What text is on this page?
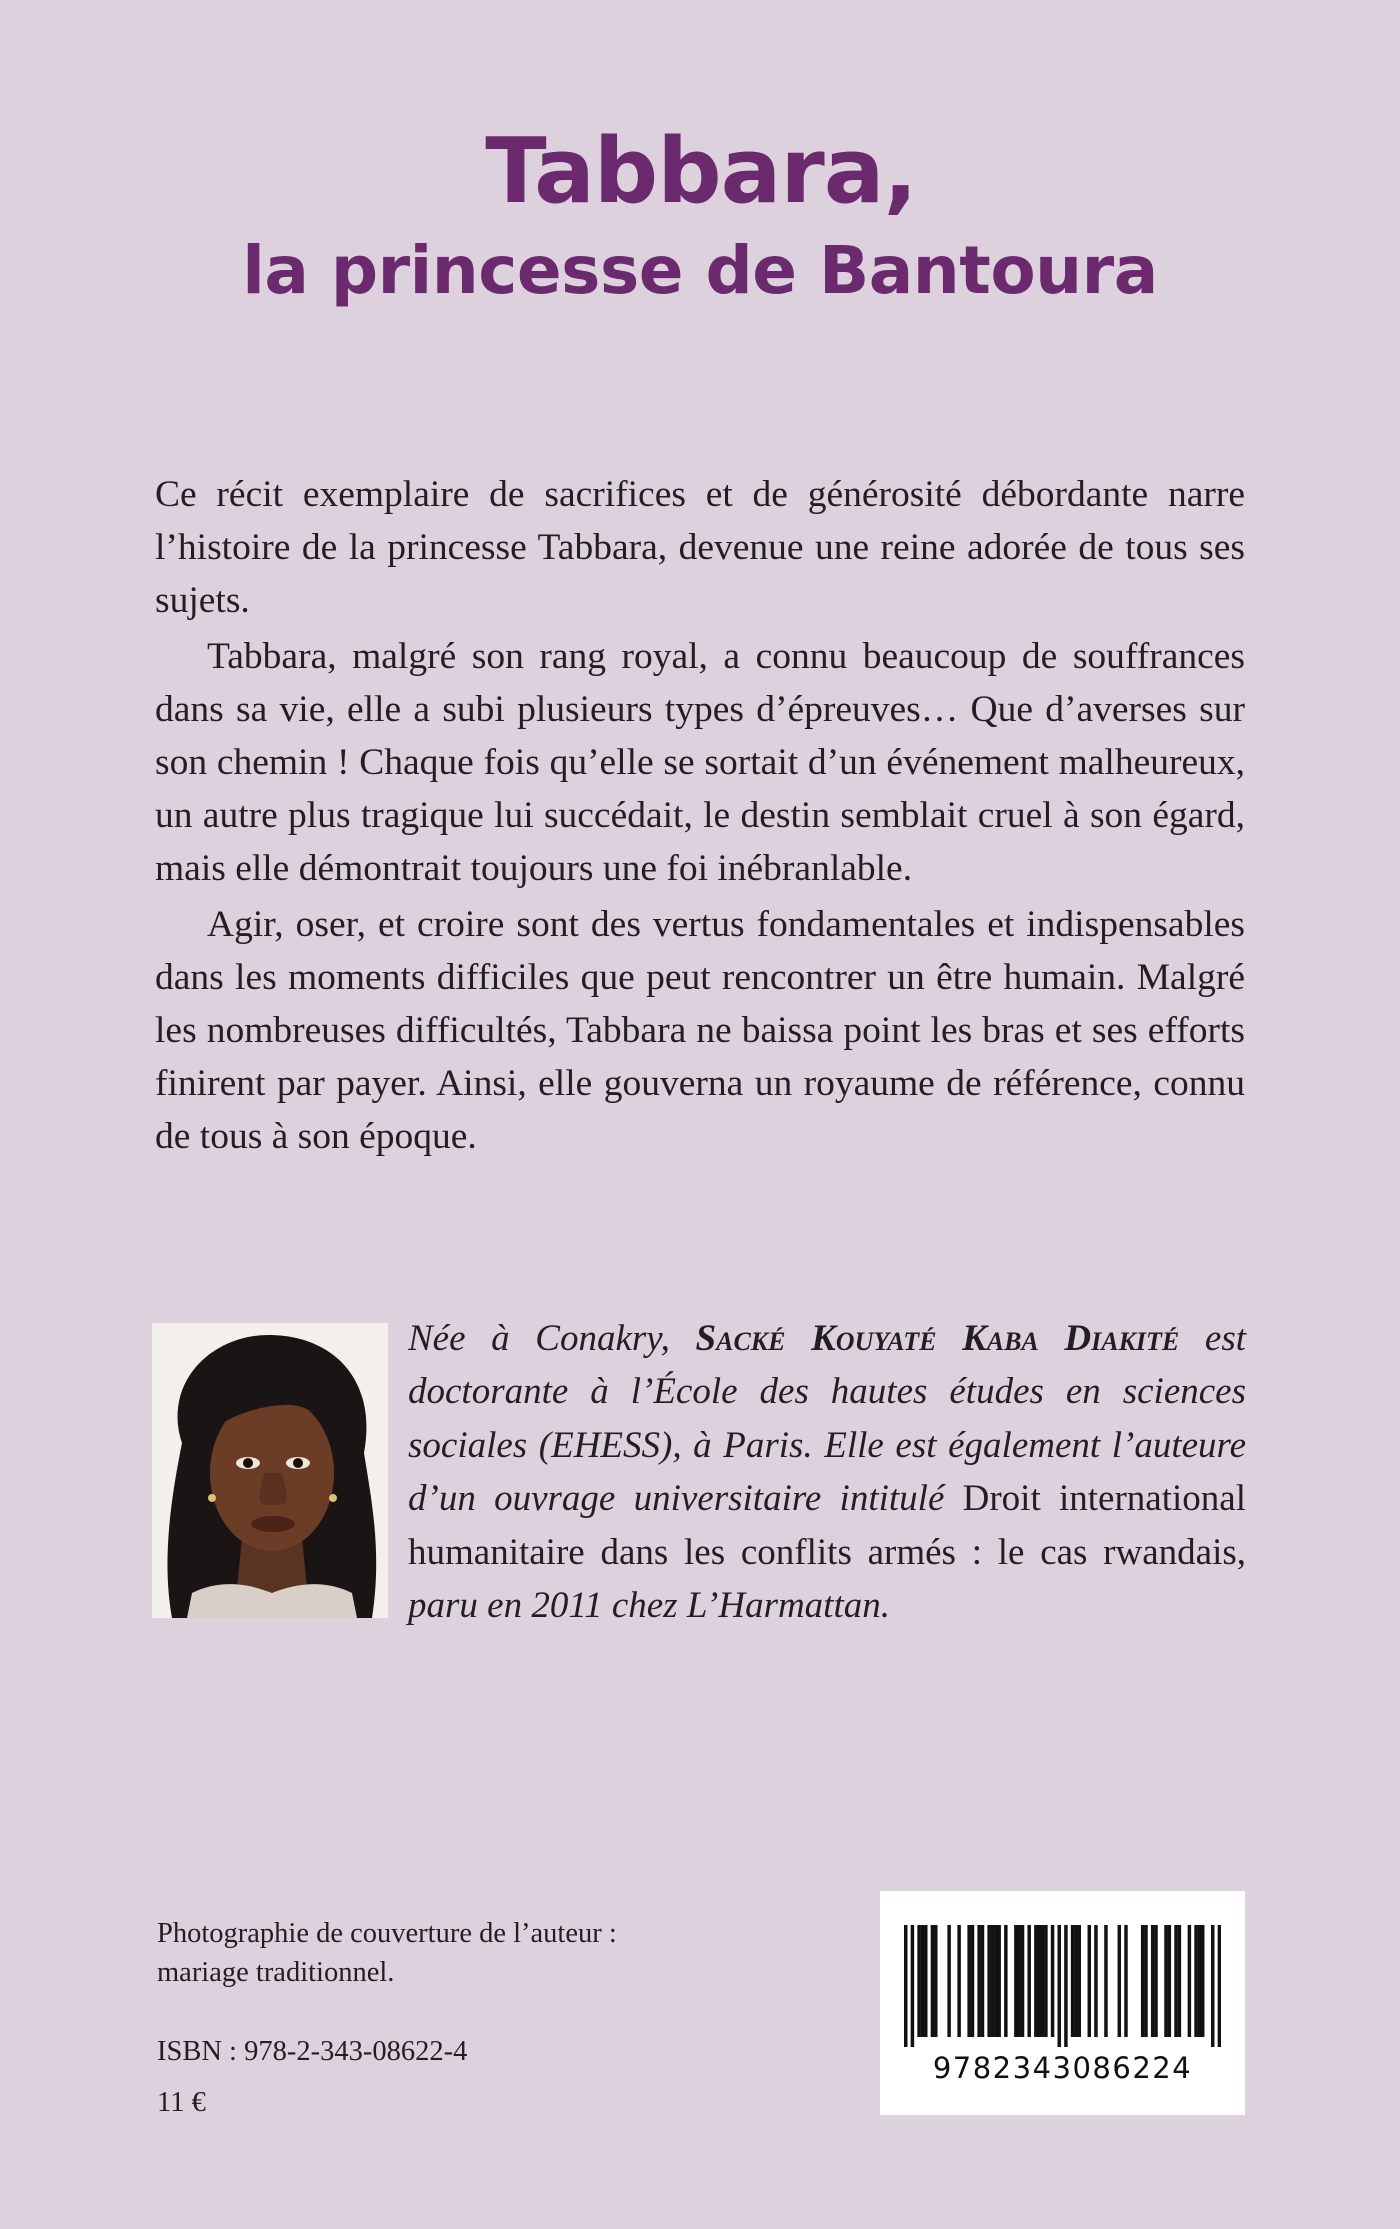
Tabbara,
la princesse de Bantoura

Ce récit exemplaire de sacrifices et de générosité débordante narre l’histoire de la princesse Tabbara, devenue une reine adorée de tous ses sujets.

Tabbara, malgré son rang royal, a connu beaucoup de souffrances dans sa vie, elle a subi plusieurs types d’épreuves… Que d’averses sur son chemin ! Chaque fois qu’elle se sortait d’un événement malheureux, un autre plus tragique lui succédait, le destin semblait cruel à son égard, mais elle démontrait toujours une foi inébranlable.

Agir, oser, et croire sont des vertus fondamentales et indispensables dans les moments difficiles que peut rencontrer un être humain. Malgré les nombreuses difficultés, Tabbara ne baissa point les bras et ses efforts finirent par payer. Ainsi, elle gouverna un royaume de référence, connu de tous à son époque.

Née à Conakry, Sacké Kouyaté Kaba Diakité est doctorante à l’École des hautes études en sciences sociales (EHESS), à Paris. Elle est également l’auteure d’un ouvrage universitaire intitulé Droit international humanitaire dans les conflits armés : le cas rwandais, paru en 2011 chez L’Harmattan.
Photographie de couverture de l’auteur :
mariage traditionnel.
ISBN : 978-2-343-08622-4
11 €
9782343086224
